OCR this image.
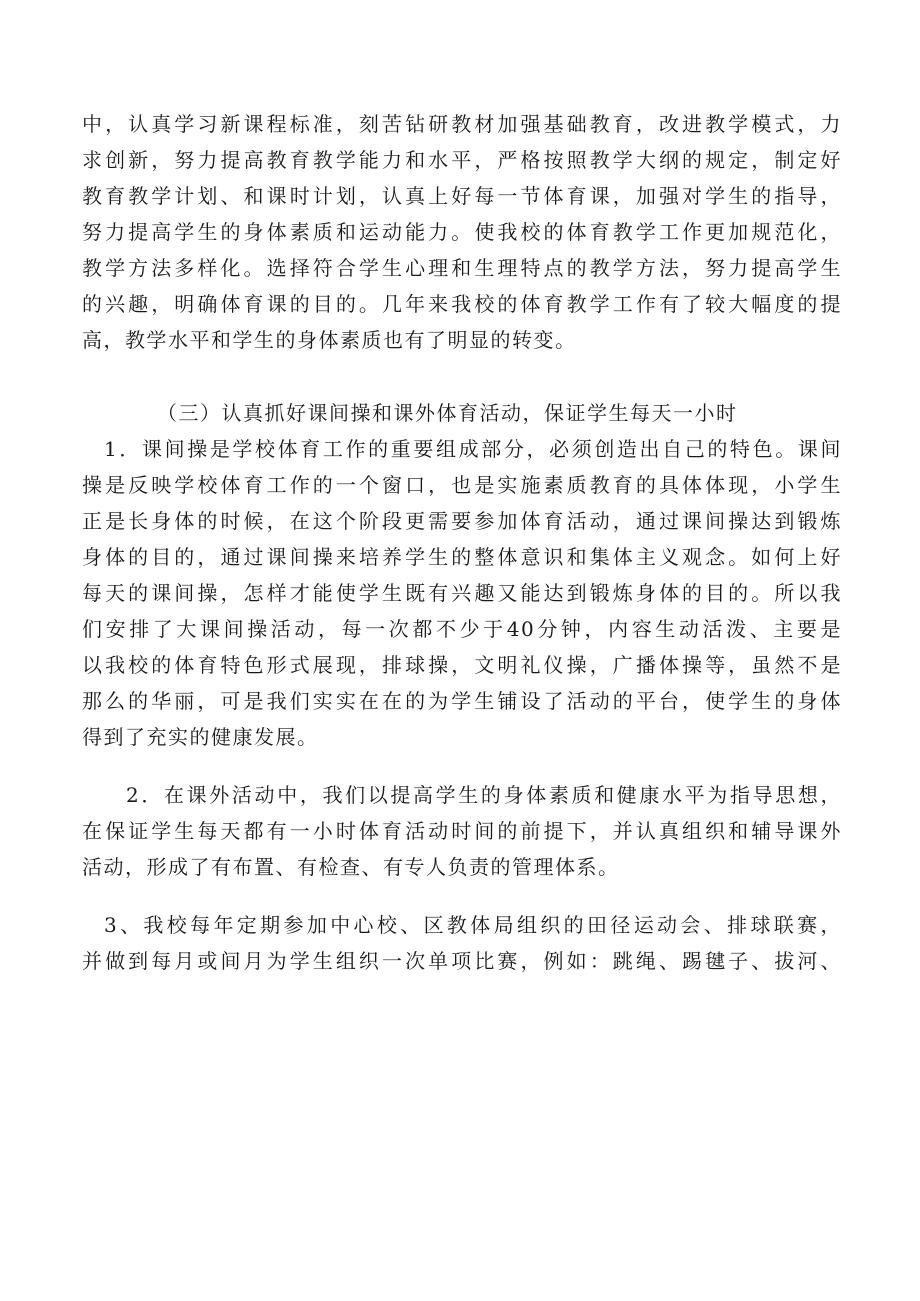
中，认真学习新课程标准，刻苦钻研教材加强基础教育，改进教学模式，力
求创新，努力提高教育教学能力和水平，严格按照教学大纲的规定，制定好
教育教学计划、和课时计划，认真上好每一节体育课，加强对学生的指导，
努力提高学生的身体素质和运动能力。使我校的体育教学工作更加规范化，
教学方法多样化。选择符合学生心理和生理特点的教学方法，努力提高学生
的兴趣，明确体育课的目的。几年来我校的体育教学工作有了较大幅度的提
高，教学水平和学生的身体素质也有了明显的转变。
（三）认真抓好课间操和课外体育活动，保证学生每天一小时
1．课间操是学校体育工作的重要组成部分，必须创造出自己的特色。课间
操是反映学校体育工作的一个窗口，也是实施素质教育的具体体现，小学生
正是长身体的时候，在这个阶段更需要参加体育活动，通过课间操达到锻炼
身体的目的，通过课间操来培养学生的整体意识和集体主义观念。如何上好
每天的课间操，怎样才能使学生既有兴趣又能达到锻炼身体的目的。所以我
们安排了大课间操活动，每一次都不少于40分钟，内容生动活泼、主要是
以我校的体育特色形式展现，排球操，文明礼仪操，广播体操等，虽然不是
那么的华丽，可是我们实实在在的为学生铺设了活动的平台，使学生的身体
得到了充实的健康发展。
2．在课外活动中，我们以提高学生的身体素质和健康水平为指导思想，
在保证学生每天都有一小时体育活动时间的前提下，并认真组织和辅导课外
活动，形成了有布置、有检查、有专人负责的管理体系。
3、我校每年定期参加中心校、区教体局组织的田径运动会、排球联赛，
并做到每月或间月为学生组织一次单项比赛，例如：跳绳、踢毽子、拔河、
